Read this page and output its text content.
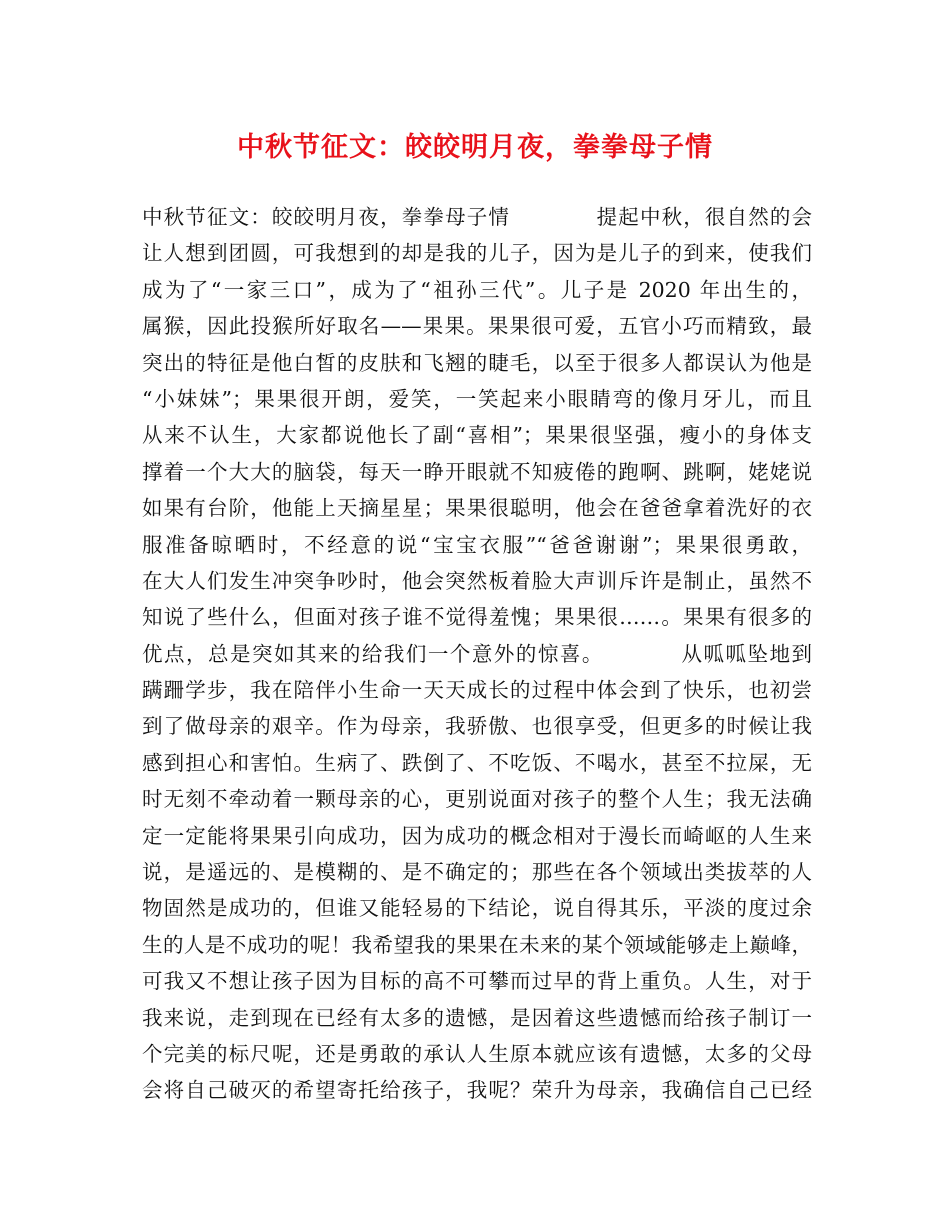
中秋节征文：皎皎明月夜，拳拳母子情
中秋节征文：皎皎明月夜，拳拳母子情　　　　提起中秋，很自然的会
让人想到团圆，可我想到的却是我的儿子，因为是儿子的到来，使我们
成为了“一家三口”，成为了“祖孙三代”。儿子是 2020 年出生的，
属猴，因此投猴所好取名——果果。果果很可爱，五官小巧而精致，最
突出的特征是他白皙的皮肤和飞翘的睫毛，以至于很多人都误认为他是
“小妹妹”；果果很开朗，爱笑，一笑起来小眼睛弯的像月牙儿，而且
从来不认生，大家都说他长了副“喜相”；果果很坚强，瘦小的身体支
撑着一个大大的脑袋，每天一睁开眼就不知疲倦的跑啊、跳啊，姥姥说
如果有台阶，他能上天摘星星；果果很聪明，他会在爸爸拿着洗好的衣
服准备晾晒时，不经意的说“宝宝衣服”“爸爸谢谢”；果果很勇敢，
在大人们发生冲突争吵时，他会突然板着脸大声训斥许是制止，虽然不
知说了些什么，但面对孩子谁不觉得羞愧；果果很……。果果有很多的
优点，总是突如其来的给我们一个意外的惊喜。　　　　从呱呱坠地到
蹒跚学步，我在陪伴小生命一天天成长的过程中体会到了快乐，也初尝
到了做母亲的艰辛。作为母亲，我骄傲、也很享受，但更多的时候让我
感到担心和害怕。生病了、跌倒了、不吃饭、不喝水，甚至不拉屎，无
时无刻不牵动着一颗母亲的心，更别说面对孩子的整个人生；我无法确
定一定能将果果引向成功，因为成功的概念相对于漫长而崎岖的人生来
说，是遥远的、是模糊的、是不确定的；那些在各个领域出类拔萃的人
物固然是成功的，但谁又能轻易的下结论，说自得其乐，平淡的度过余
生的人是不成功的呢！我希望我的果果在未来的某个领域能够走上巅峰，
可我又不想让孩子因为目标的高不可攀而过早的背上重负。人生，对于
我来说，走到现在已经有太多的遗憾，是因着这些遗憾而给孩子制订一
个完美的标尺呢，还是勇敢的承认人生原本就应该有遗憾，太多的父母
会将自己破灭的希望寄托给孩子，我呢？荣升为母亲，我确信自己已经
